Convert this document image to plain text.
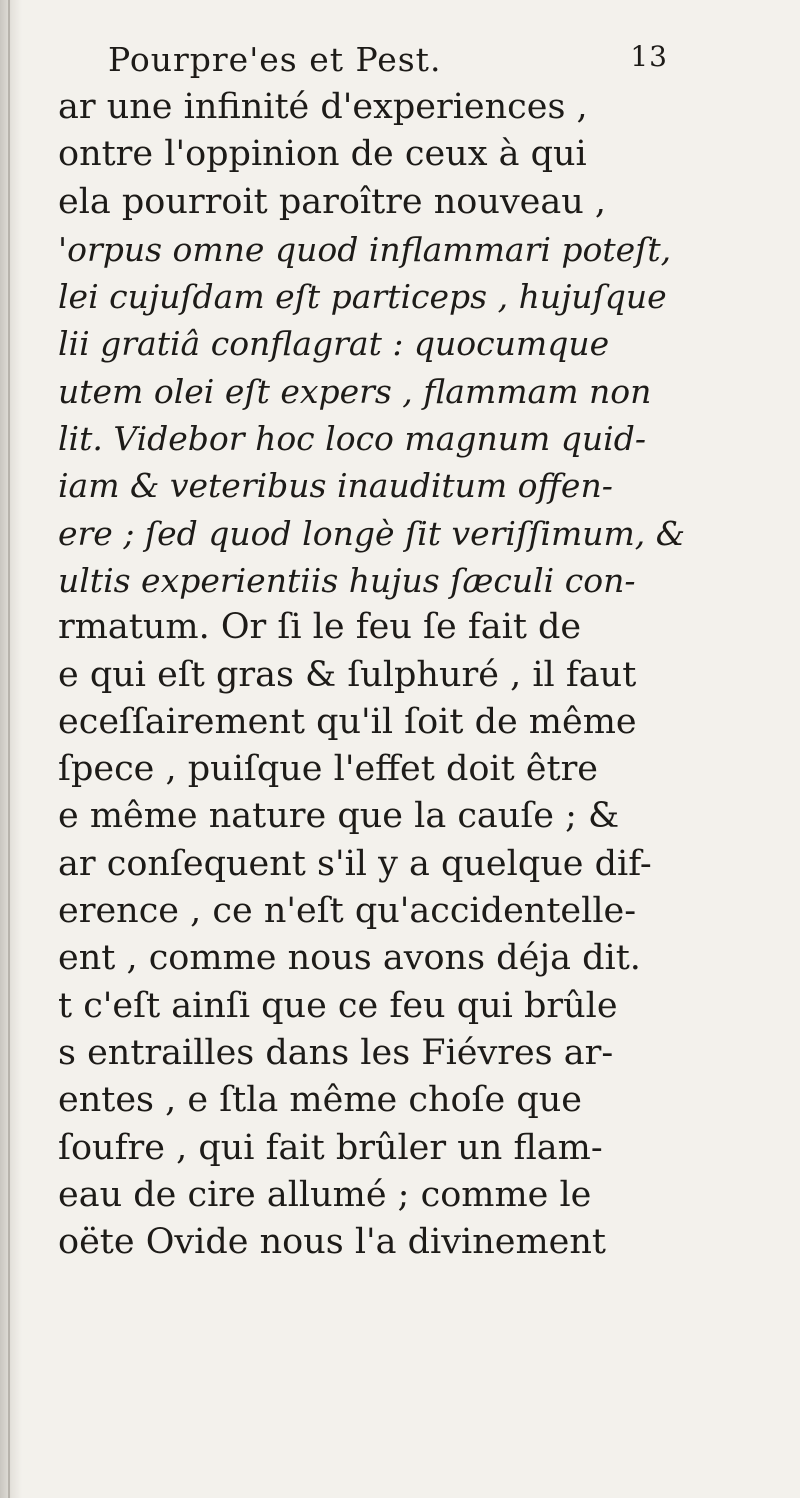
Pourpre'es et Pest.	13
ar une infinité d'experiences ,
ontre l'oppinion de ceux à qui
ela pourroit paroître nouveau ,
'orpus omne quod inflammari poteſt,
lei cujuſdam eſt particeps , hujuſque
lii gratiâ conflagrat : quocumque
utem olei eſt expers , flammam non
lit. Videbor hoc loco magnum quid-
iam & veteribus inauditum offen-
ere ; ſed quod longè ſit veriſſimum, &
ultis experientiis hujus ſæculi con-
rmatum. Or ſi le feu ſe fait de
e qui eſt gras & ſulphuré , il faut
eceſſairement qu'il ſoit de même
ſpece , puiſque l'effet doit être
e même nature que la cauſe ; &
ar conſequent s'il y a quelque dif-
erence , ce n'eſt qu'accidentelle-
ent , comme nous avons déja dit.
t c'eſt ainſi que ce feu qui brûle
s entrailles dans les Fiévres ar-
entes , e ſtla même choſe que
ſoufre , qui fait brûler un flam-
eau de cire allumé ; comme le
oëte Ovide nous l'a divinement
